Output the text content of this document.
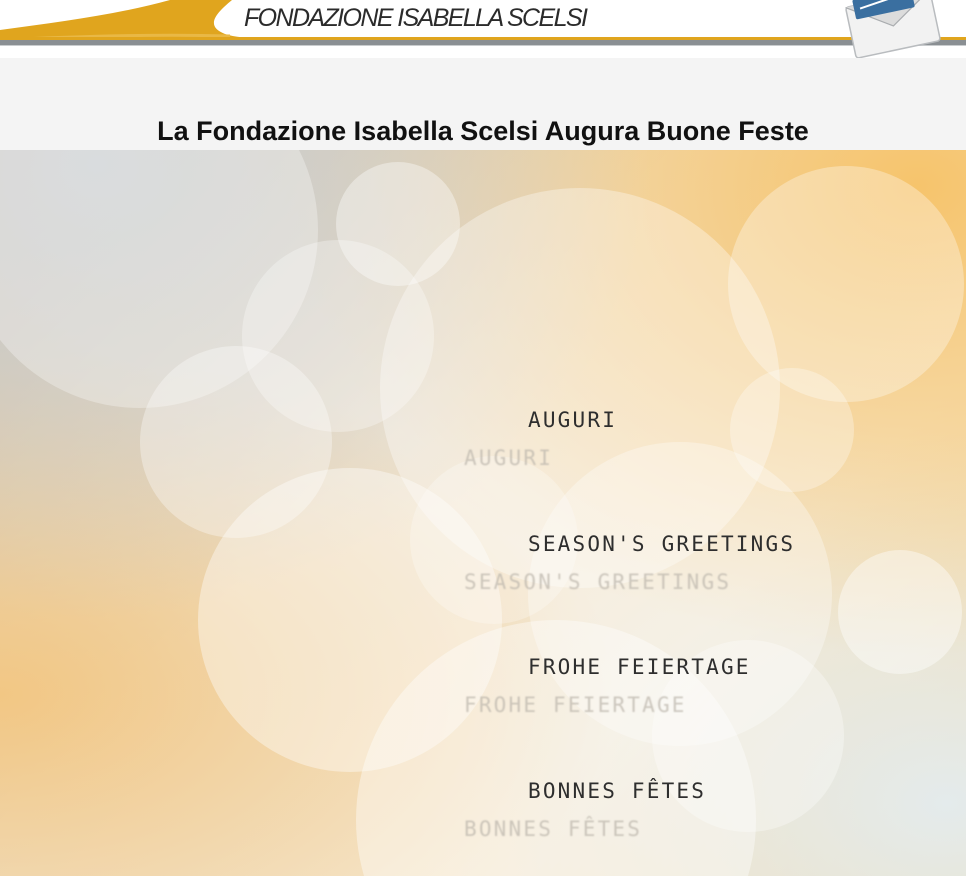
FONDAZIONE ISABELLA SCELSI
La Fondazione Isabella Scelsi Augura Buone Feste

AUGURI

AUGURI

SEASON'S GREETINGS

SEASON'S GREETINGS

FROHE FEIERTAGE

FROHE FEIERTAGE

BONNES FÊTES

BONNES FÊTES
